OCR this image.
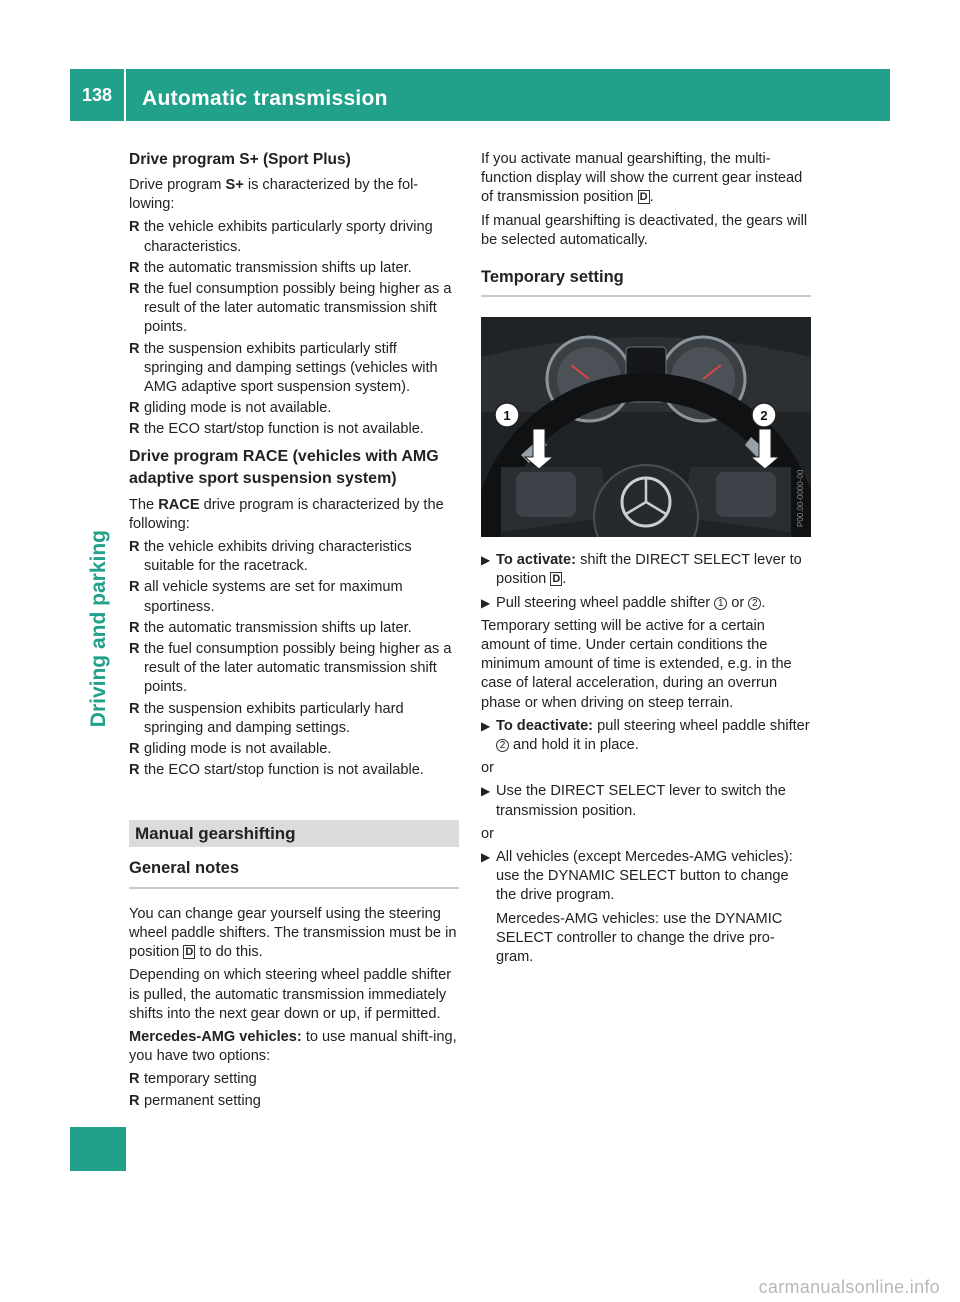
138	Automatic transmission
Driving and parking
Drive program S+ (Sport Plus)

Drive program S+ is characterized by the fol-lowing:

R the vehicle exhibits particularly sporty driving characteristics.
R the automatic transmission shifts up later.
R the fuel consumption possibly being higher as a result of the later automatic transmission shift points.
R the suspension exhibits particularly stiff springing and damping settings (vehicles with AMG adaptive sport suspension system).
R gliding mode is not available.
R the ECO start/stop function is not available.
Drive program RACE (vehicles with AMG adaptive sport suspension system)

The RACE drive program is characterized by the following:

R the vehicle exhibits driving characteristics suitable for the racetrack.
R all vehicle systems are set for maximum sportiness.
R the automatic transmission shifts up later.
R the fuel consumption possibly being higher as a result of the later automatic transmission shift points.
R the suspension exhibits particularly hard springing and damping settings.
R gliding mode is not available.
R the ECO start/stop function is not available.
Manual gearshifting
General notes

You can change gear yourself using the steering wheel paddle shifters. The transmission must be in position D to do this.

Depending on which steering wheel paddle shifter is pulled, the automatic transmission immediately shifts into the next gear down or up, if permitted.

Mercedes-AMG vehicles: to use manual shift-ing, you have two options:

R temporary setting
R permanent setting

If you activate manual gearshifting, the multi-function display will show the current gear instead of transmission position D .

If manual gearshifting is deactivated, the gears will be selected automatically.

Temporary setting
1	2
P00.00-0000-00
▶ To activate: shift the DIRECT SELECT lever to position D .
▶ Pull steering wheel paddle shifter 1 or 2 .

Temporary setting will be active for a certain amount of time. Under certain conditions the minimum amount of time is extended, e.g. in the case of lateral acceleration, during an overrun phase or when driving on steep terrain.

▶ To deactivate: pull steering wheel paddle shifter 2 and hold it in place.

or

▶ Use the DIRECT SELECT lever to switch the transmission position.

or

▶ All vehicles (except Mercedes-AMG vehicles): use the DYNAMIC SELECT button to change the drive program.
Mercedes-AMG vehicles: use the DYNAMIC SELECT controller to change the drive pro-gram.
carmanualsonline.info
